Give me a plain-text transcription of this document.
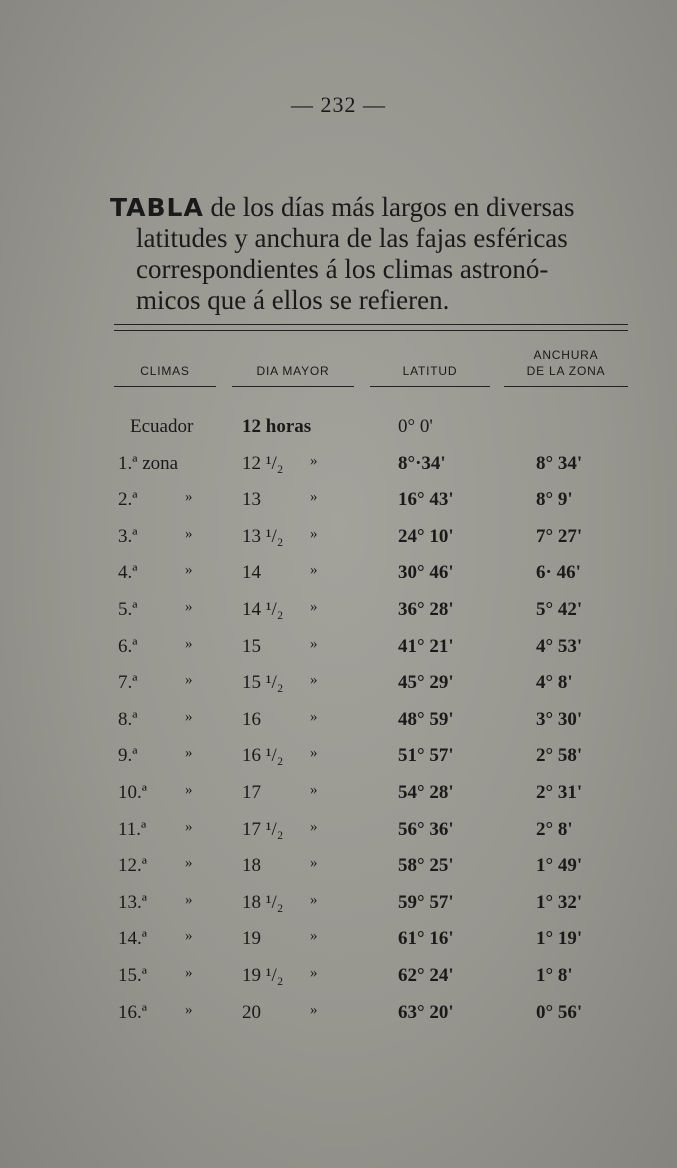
— 232 —
TABLA de los días más largos en diversas
latitudes y anchura de las fajas esféricas
correspondientes á los climas astronó-
micos que á ellos se refieren.
CLIMAS	DIA MAYOR	LATITUD
ANCHURA
DE LA ZONA
Ecuador	12 horas	0° 0'
1.ª zona	12 ¹/₂ »	8°·34'	8° 34'
2.ª	»	13	»	16° 43'	8° 9'
3.ª	»	13 ¹/₂ »	24° 10'	7° 27'
4.ª	»	14	»	30° 46'	6· 46'
5.ª	»	14 ¹/₂ »	36° 28'	5° 42'
6.ª	»	15	»	41° 21'	4° 53'
7.ª	»	15 ¹/₂ »	45° 29'	4° 8'
8.ª	»	16	»	48° 59'	3° 30'
9.ª	»	16 ¹/₂ »	51° 57'	2° 58'
10.ª	»	17	»	54° 28'	2° 31'
11.ª	»	17 ¹/₂ »	56° 36'	2° 8'
12.ª	»	18	»	58° 25'	1° 49'
13.ª	»	18 ¹/₂ »	59° 57'	1° 32'
14.ª	»	19	»	61° 16'	1° 19'
15.ª	»	19 ¹/₂ »	62° 24'	1° 8'
16.ª	»	20	»	63° 20'	0° 56'
